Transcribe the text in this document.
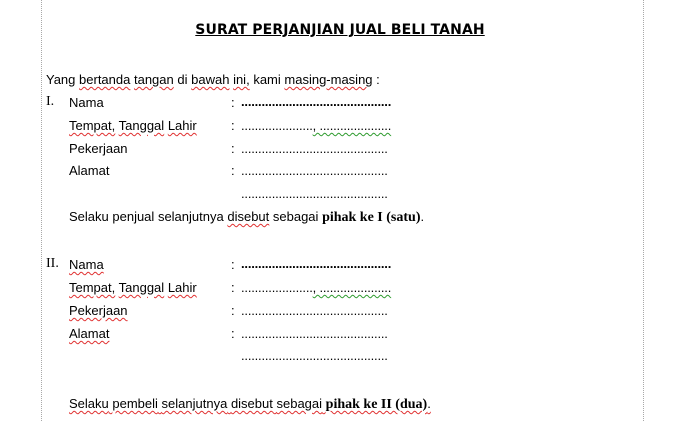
SURAT PERJANJIAN JUAL BELI TANAH
Yang bertanda tangan di bawah ini, kami masing-masing :
I. Nama	: ............................................
Tempat, Tanggal Lahir	: ....................., .....................
Pekerjaan	: ...........................................
Alamat	: ...........................................
...........................................
Selaku penjual selanjutnya disebut sebagai pihak ke I (satu).
II. Nama	: ............................................
Tempat, Tanggal Lahir	: ....................., .....................
Pekerjaan	: ...........................................
Alamat	: ...........................................
...........................................
Selaku pembeli selanjutnya disebut sebagai pihak ke II (dua).
